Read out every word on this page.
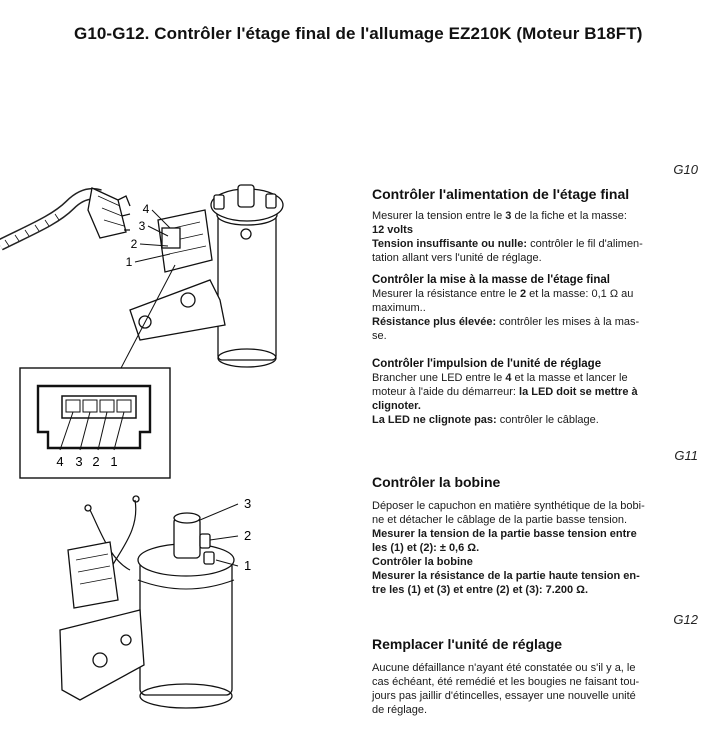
G10-G12. Contrôler l'étage final de l'allumage EZ210K (Moteur B18FT)
4
3
2
1
4 3 2 1
3
2
1
G10
Contrôler l'alimentation de l'étage final
Mesurer la tension entre le 3 de la fiche et la masse:
12 volts
Tension insuffisante ou nulle: contrôler le fil d'alimen-
tation allant vers l'unité de réglage.
Contrôler la mise à la masse de l'étage final
Mesurer la résistance entre le 2 et la masse: 0,1 Ω au
maximum..
Résistance plus élevée: contrôler les mises à la mas-
se.
Contrôler l'impulsion de l'unité de réglage
Brancher une LED entre le 4 et la masse et lancer le
moteur à l'aide du démarreur: la LED doit se mettre à
clignoter.
La LED ne clignote pas: contrôler le câblage.
G11
Contrôler la bobine
Déposer le capuchon en matière synthétique de la bobi-
ne et détacher le câblage de la partie basse tension.
Mesurer la tension de la partie basse tension entre
les (1) et (2): ± 0,6 Ω.
Contrôler la bobine
Mesurer la résistance de la partie haute tension en-
tre les (1) et (3) et entre (2) et (3): 7.200 Ω.
G12
Remplacer l'unité de réglage
Aucune défaillance n'ayant été constatée ou s'il y a, le
cas échéant, été remédié et les bougies ne faisant tou-
jours pas jaillir d'étincelles, essayer une nouvelle unité
de réglage.
